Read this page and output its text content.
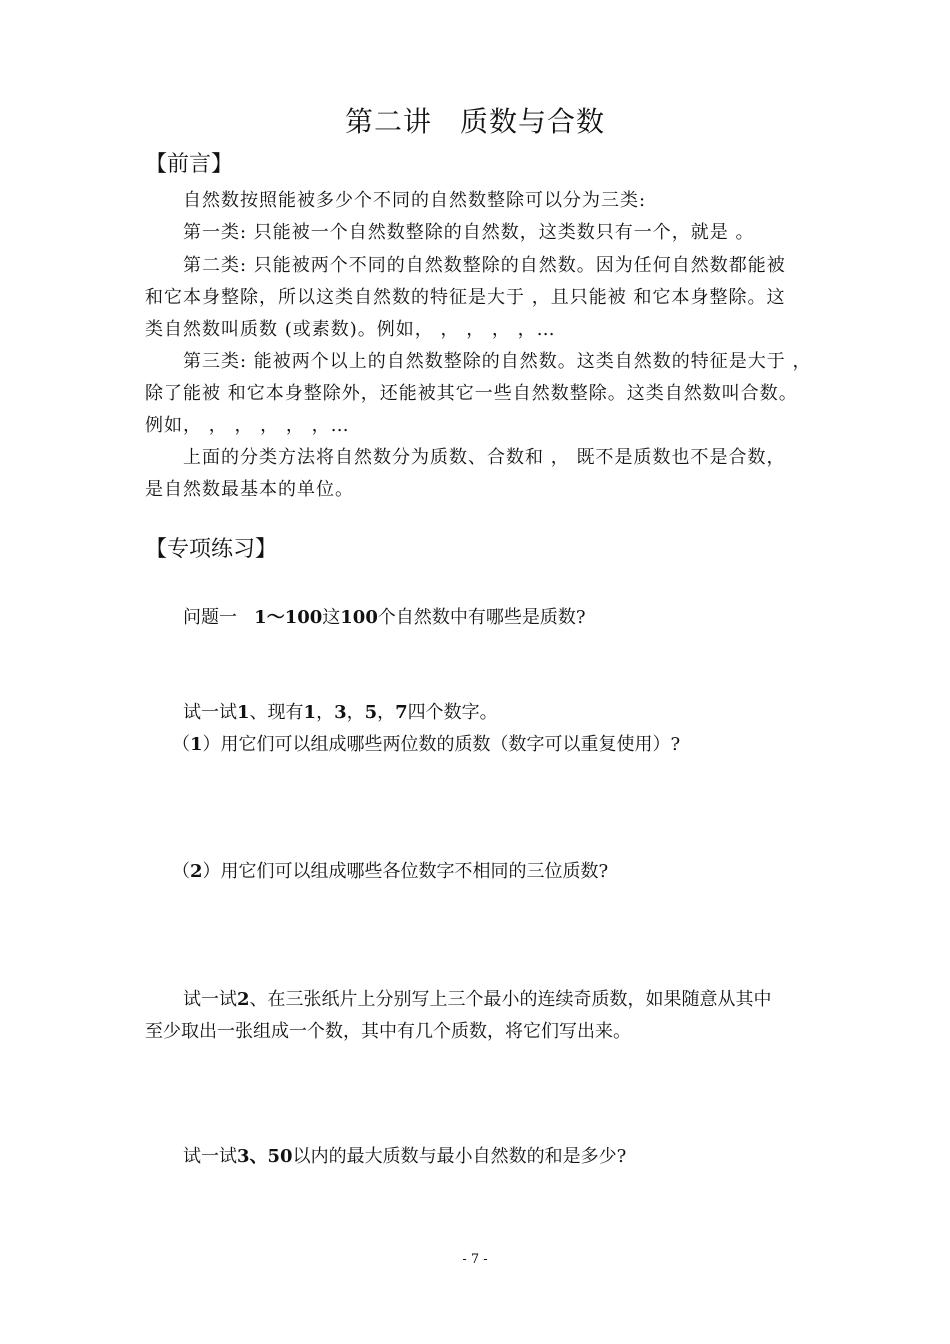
第二讲 质数与合数
【前言】
自然数按照能被多少个不同的自然数整除可以分为三类:
第一类: 只能被一个自然数整除的自然数，这类数只有一个，就是 。
第二类: 只能被两个不同的自然数整除的自然数。因为任何自然数都能被
和它本身整除，所以这类自然数的特征是大于 ，且只能被 和它本身整除。这
类自然数叫质数 (或素数)。例如， ， ， ， ，…
第三类: 能被两个以上的自然数整除的自然数。这类自然数的特征是大于 ，
除了能被 和它本身整除外，还能被其它一些自然数整除。这类自然数叫合数。
例如， ， ， ， ， ，…
上面的分类方法将自然数分为质数、合数和 ， 既不是质数也不是合数，
是自然数最基本的单位。
【专项练习】
问题一 1～100这100个自然数中有哪些是质数?
试一试1、现有1，3，5，7四个数字。
（1）用它们可以组成哪些两位数的质数（数字可以重复使用）?
（2）用它们可以组成哪些各位数字不相同的三位质数?
试一试2、在三张纸片上分别写上三个最小的连续奇质数，如果随意从其中
至少取出一张组成一个数，其中有几个质数，将它们写出来。
试一试3、50以内的最大质数与最小自然数的和是多少?
- 7 -
